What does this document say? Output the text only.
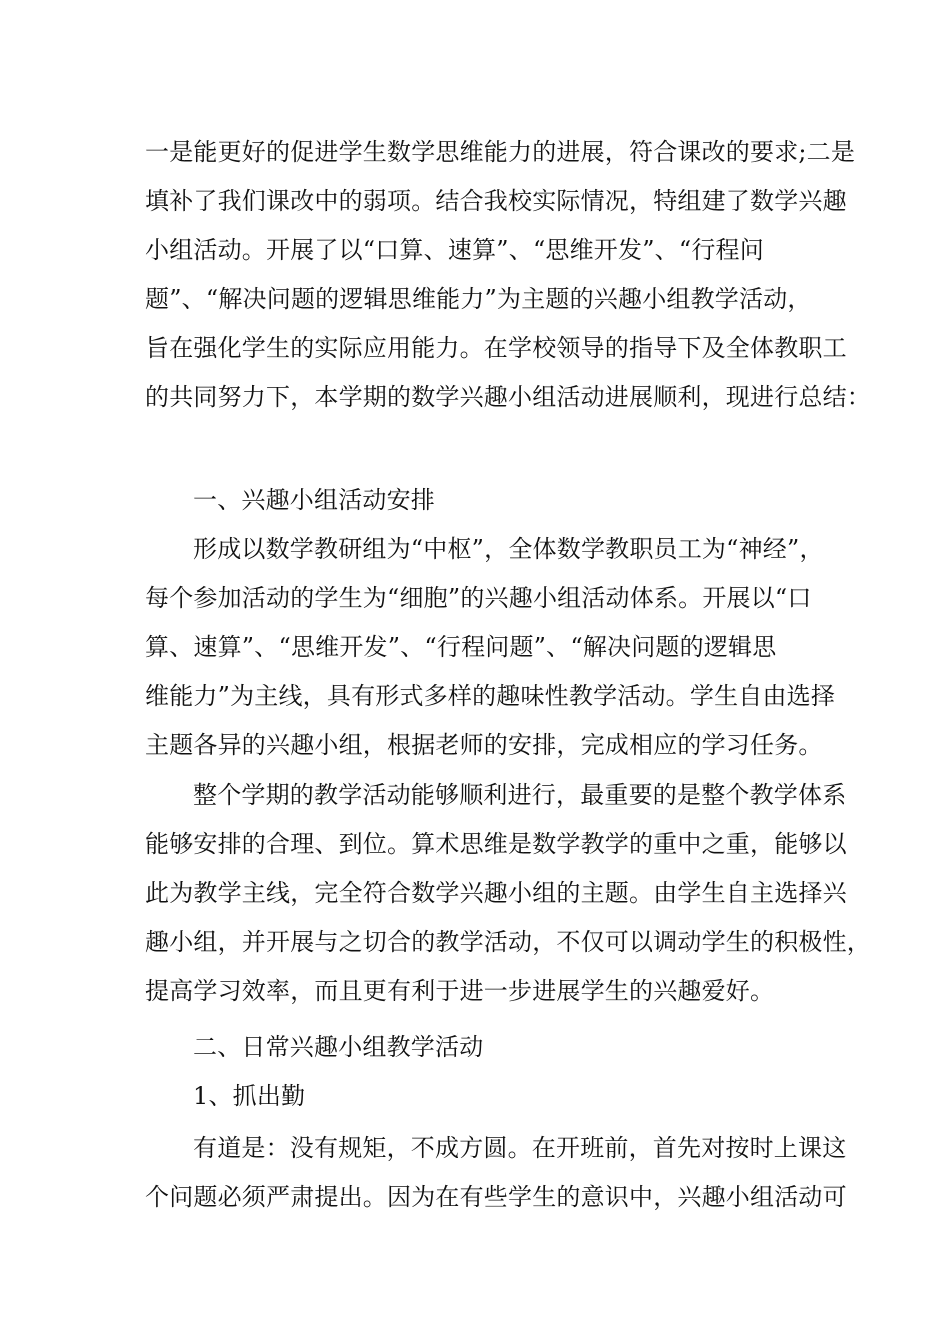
一是能更好的促进学生数学思维能力的进展，符合课改的要求;二是
填补了我们课改中的弱项。结合我校实际情况，特组建了数学兴趣
小组活动。开展了以“口算、速算”、“思维开发”、“行程问
题”、“解决问题的逻辑思维能力”为主题的兴趣小组教学活动，
旨在强化学生的实际应用能力。在学校领导的指导下及全体教职工
的共同努力下，本学期的数学兴趣小组活动进展顺利，现进行总结：
一、兴趣小组活动安排
形成以数学教研组为“中枢”，全体数学教职员工为“神经”，
每个参加活动的学生为“细胞”的兴趣小组活动体系。开展以“口
算、速算”、“思维开发”、“行程问题”、“解决问题的逻辑思
维能力”为主线，具有形式多样的趣味性教学活动。学生自由选择
主题各异的兴趣小组，根据老师的安排，完成相应的学习任务。
整个学期的教学活动能够顺利进行，最重要的是整个教学体系
能够安排的合理、到位。算术思维是数学教学的重中之重，能够以
此为教学主线，完全符合数学兴趣小组的主题。由学生自主选择兴
趣小组，并开展与之切合的教学活动，不仅可以调动学生的积极性，
提高学习效率，而且更有利于进一步进展学生的兴趣爱好。
二、日常兴趣小组教学活动
1、抓出勤
有道是：没有规矩，不成方圆。在开班前，首先对按时上课这
个问题必须严肃提出。因为在有些学生的意识中，兴趣小组活动可
